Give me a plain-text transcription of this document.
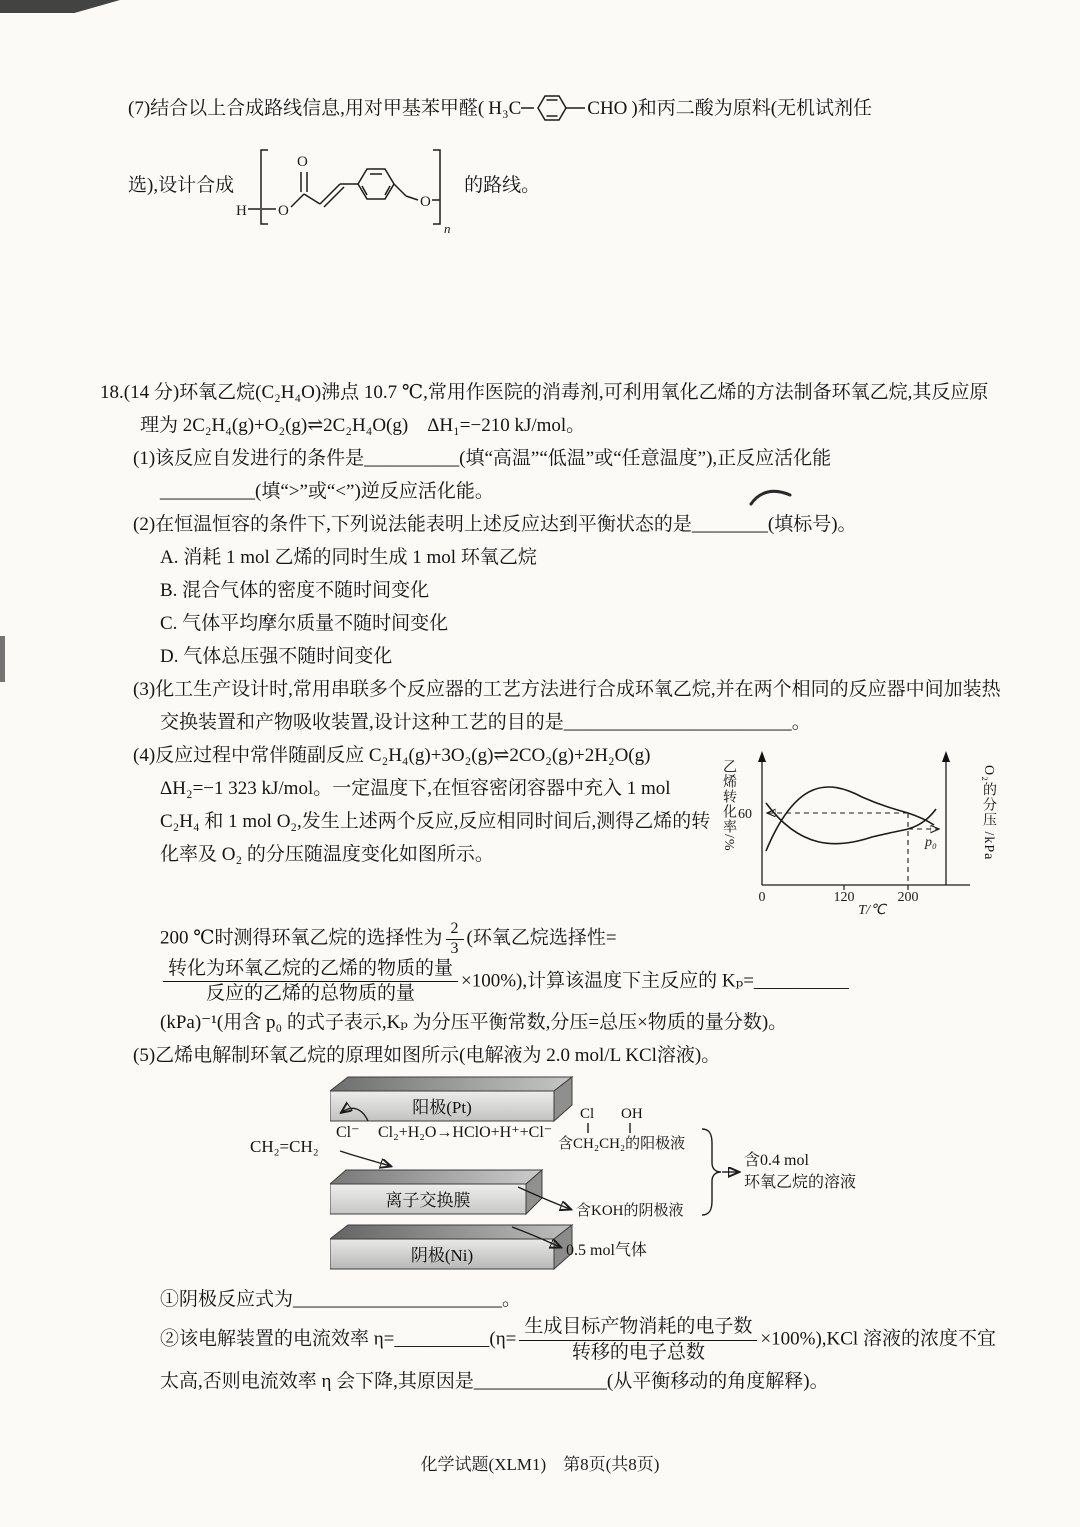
(7)结合以上合成路线信息,用对甲基苯甲醛( H₃C	CHO )和丙二酸为原料(无机试剂任
选),设计合成
H O
O
O
n
的路线。
18.(14 分)环氧乙烷(C₂H₄O)沸点 10.7 ℃,常用作医院的消毒剂,可利用氧化乙烯的方法制备环氧乙烷,其反应原理为 2C₂H₄(g)+O₂(g)⇌2C₂H₄O(g)　ΔH₁=−210 kJ/mol。
(1)该反应自发进行的条件是__________(填“高温”“低温”或“任意温度”),正反应活化能__________(填“>”或“<”)逆反应活化能。
(2)在恒温恒容的条件下,下列说法能表明上述反应达到平衡状态的是________(填标号)。
A. 消耗 1 mol 乙烯的同时生成 1 mol 环氧乙烷
B. 混合气体的密度不随时间变化
C. 气体平均摩尔质量不随时间变化
D. 气体总压强不随时间变化
(3)化工生产设计时,常用串联多个反应器的工艺方法进行合成环氧乙烷,并在两个相同的反应器中间加装热交换装置和产物吸收装置,设计这种工艺的目的是________________________。
(4)反应过程中常伴随副反应 C₂H₄(g)+3O₂(g)⇌2CO₂(g)+2H₂O(g)　ΔH₂=−1 323 kJ/mol。一定温度下,在恒容密闭容器中充入 1 mol C₂H₄ 和 1 mol O₂,发生上述两个反应,反应相同时间后,测得乙烯的转化率及 O₂ 的分压随温度变化如图所示。
乙烯转化率/%	O₂的分压 /kPa
60
p₀
0	120	200
T/℃
200 ℃时测得环氧乙烷的选择性为 $\frac{2}{3}$ (环氧乙烷选择性=
$\frac{\text{转化为环氧乙烷的乙烯的物质的量}}{\text{反应的乙烯的总物质的量}} \times 100\%$),计算该温度下主反应的 Kₚ=__________
(kPa)⁻¹(用含 p₀ 的式子表示,Kₚ 为分压平衡常数,分压=总压×物质的量分数)。
(5)乙烯电解制环氧乙烷的原理如图所示(电解液为 2.0 mol/L KCl溶液)。
阳极(Pt)
离子交换膜
阴极(Ni)
CH₂=CH₂
Cl⁻ Cl₂+H₂O→HClO+H⁺+Cl⁻
Cl OH
含CH₂CH₂的阳极液
含KOH的阴极液
含0.4 mol
环氧乙烷的溶液
0.5 mol气体
①阴极反应式为______________________。
②该电解装置的电流效率 η=__________(η= $\frac{\text{生成目标产物消耗的电子数}}{\text{转移的电子总数}} \times 100\%),KCl$ 溶液的浓度不宜太高,否则电流效率 η 会下降,其原因是______________(从平衡移动的角度解释)。
化学试题(XLM1)　第8页(共8页)
